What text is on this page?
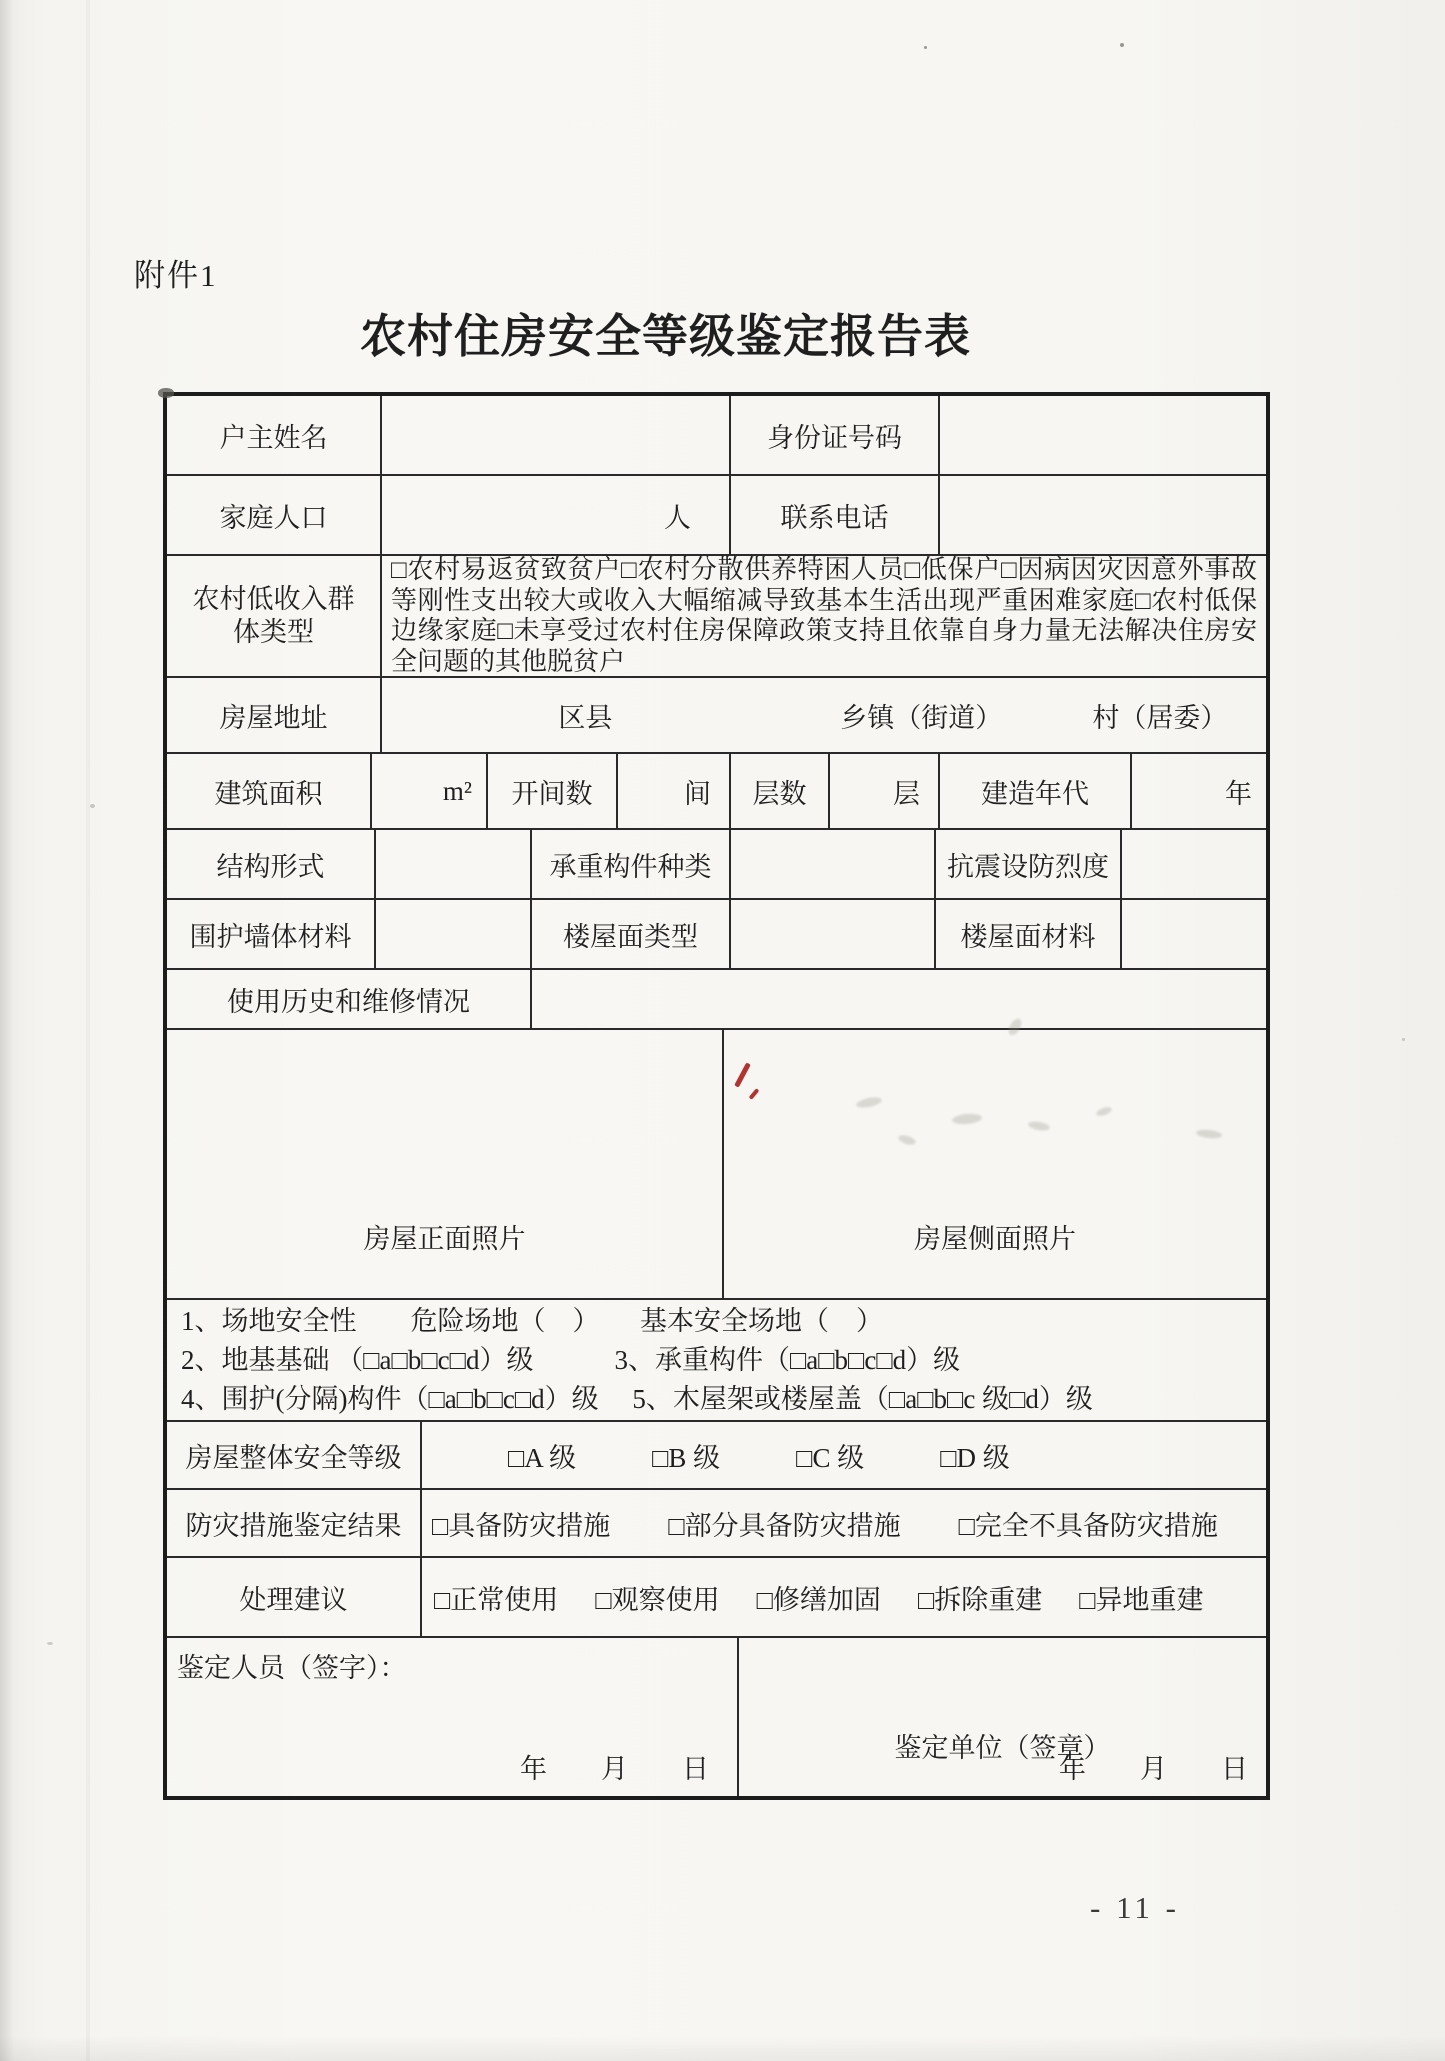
附件1
农村住房安全等级鉴定报告表
户主姓名	身份证号码
家庭人口	人	联系电话
农村低收入群体类型
□农村易返贫致贫户□农村分散供养特困人员□低保户□因病因灾因意外事故等刚性支出较大或收入大幅缩减导致基本生活出现严重困难家庭□农村低保边缘家庭□未享受过农村住房保障政策支持且依靠自身力量无法解决住房安全问题的其他脱贫户
房屋地址	区县	乡镇（街道）	村（居委）
建筑面积	m²	开间数	间	层数	层	建造年代	年
结构形式	承重构件种类	抗震设防烈度
围护墙体材料	楼屋面类型	楼屋面材料
使用历史和维修情况
房屋正面照片	房屋侧面照片
1、场地安全性　　危险场地（　）　　基本安全场地（　）
2、地基基础 （□a□b□c□d）级　　　3、承重构件（□a□b□c□d）级
4、围护(分隔)构件（□a□b□c□d）级　 5、木屋架或楼屋盖（□a□b□c 级□d）级
房屋整体安全等级	□A 级	□B 级	□C 级	□D 级
防灾措施鉴定结果	□具备防灾措施 □部分具备防灾措施 □完全不具备防灾措施
处理建议	□正常使用 □观察使用 □修缮加固 □拆除重建 □异地重建
鉴定人员（签字）：
年　　月　　日
鉴定单位（签章）
年　　月　　日
- 11 -
